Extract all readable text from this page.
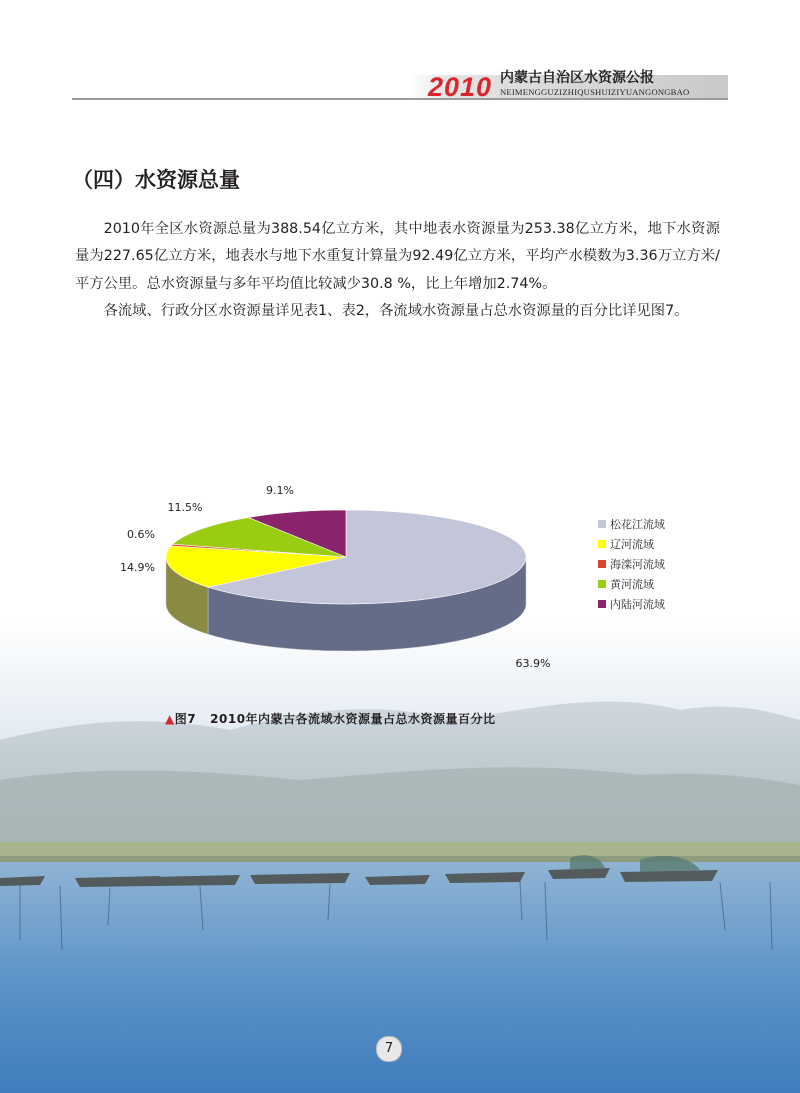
2010 内蒙古自治区水资源公报
NEIMENGGUZIZHIQUSHUIZIYUANGONGBAO
（四）水资源总量

2010年全区水资源总量为388.54亿立方米，其中地表水资源量为253.38亿立方米，地下水资源量为227.65亿立方米，地表水与地下水重复计算量为92.49亿立方米，平均产水模数为3.36万立方米/平方公里。总水资源量与多年平均值比较减少30.8 %，比上年增加2.74%。

各流域、行政分区水资源量详见表1、表2，各流域水资源量占总水资源量的百分比详见图7。

63.9%
14.9%
0.6%
11.5%
9.1%
松花江流域
辽河流域
海滦河流域
黄河流域
内陆河流域
▲图7 2010年内蒙古各流域水资源量占总水资源量百分比
7
